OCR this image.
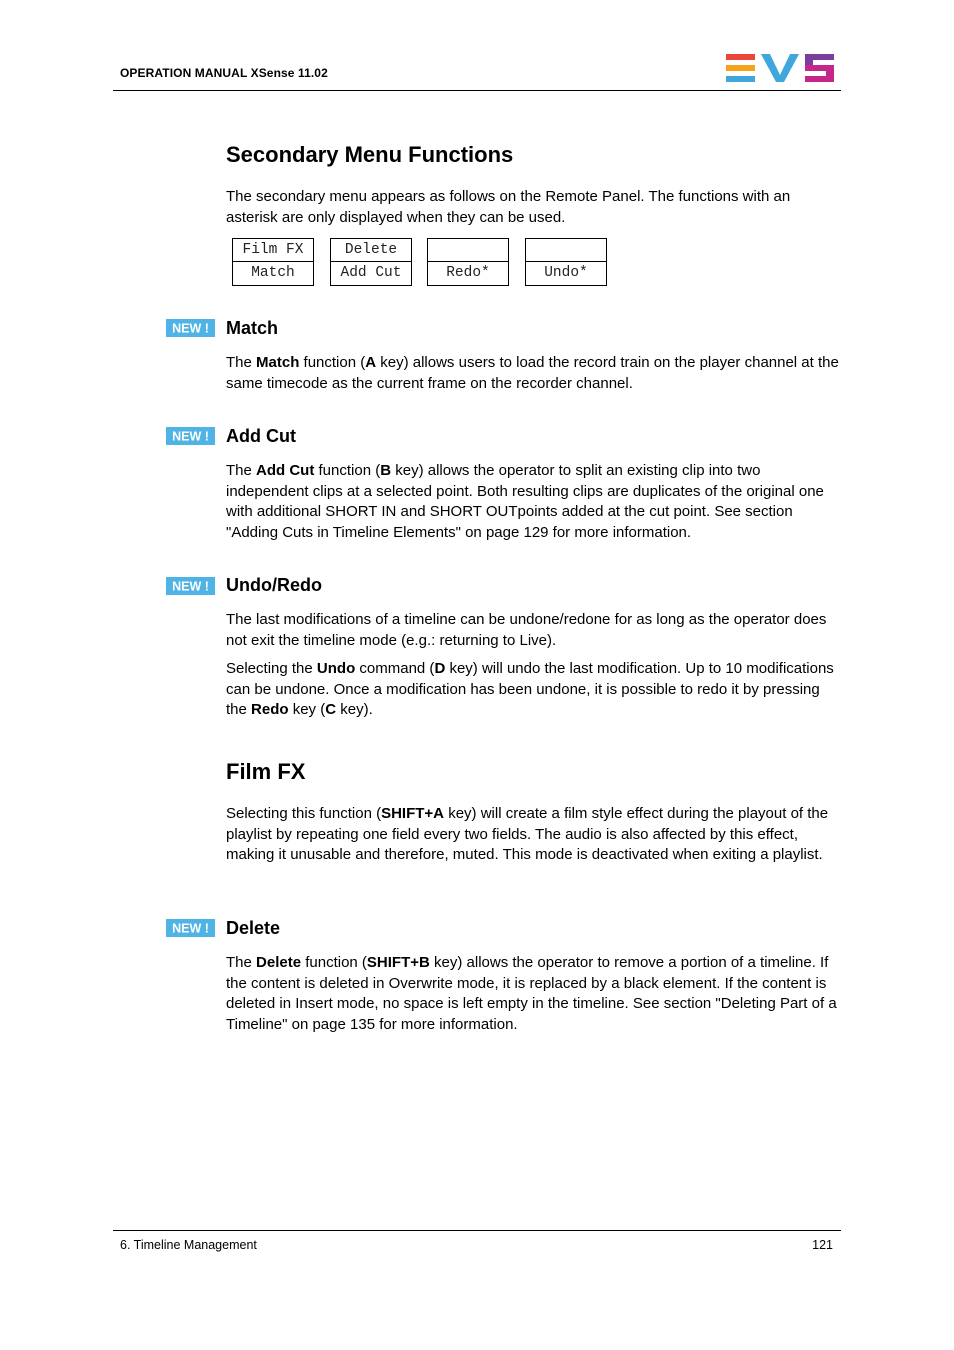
OPERATION MANUAL XSense 11.02
Secondary Menu Functions

The secondary menu appears as follows on the Remote Panel. The functions with an asterisk are only displayed when they can be used.

Film FX
Match
Delete
Add Cut	Redo*	Undo*
NEW ! Match

The Match function (A key) allows users to load the record train on the player channel at the same timecode as the current frame on the recorder channel.

NEW ! Add Cut

The Add Cut function (B key) allows the operator to split an existing clip into two independent clips at a selected point. Both resulting clips are duplicates of the original one with additional SHORT IN and SHORT OUTpoints added at the cut point. See section "Adding Cuts in Timeline Elements" on page 129 for more information.

NEW ! Undo/Redo

The last modifications of a timeline can be undone/redone for as long as the operator does not exit the timeline mode (e.g.: returning to Live).

Selecting the Undo command (D key) will undo the last modification. Up to 10 modifications can be undone. Once a modification has been undone, it is possible to redo it by pressing the Redo key (C key).

Film FX

Selecting this function (SHIFT+A key) will create a film style effect during the playout of the playlist by repeating one field every two fields. The audio is also affected by this effect, making it unusable and therefore, muted. This mode is deactivated when exiting a playlist.

NEW ! Delete

The Delete function (SHIFT+B key) allows the operator to remove a portion of a timeline. If the content is deleted in Overwrite mode, it is replaced by a black element. If the content is deleted in Insert mode, no space is left empty in the timeline. See section "Deleting Part of a Timeline" on page 135 for more information.

6. Timeline Management	121
